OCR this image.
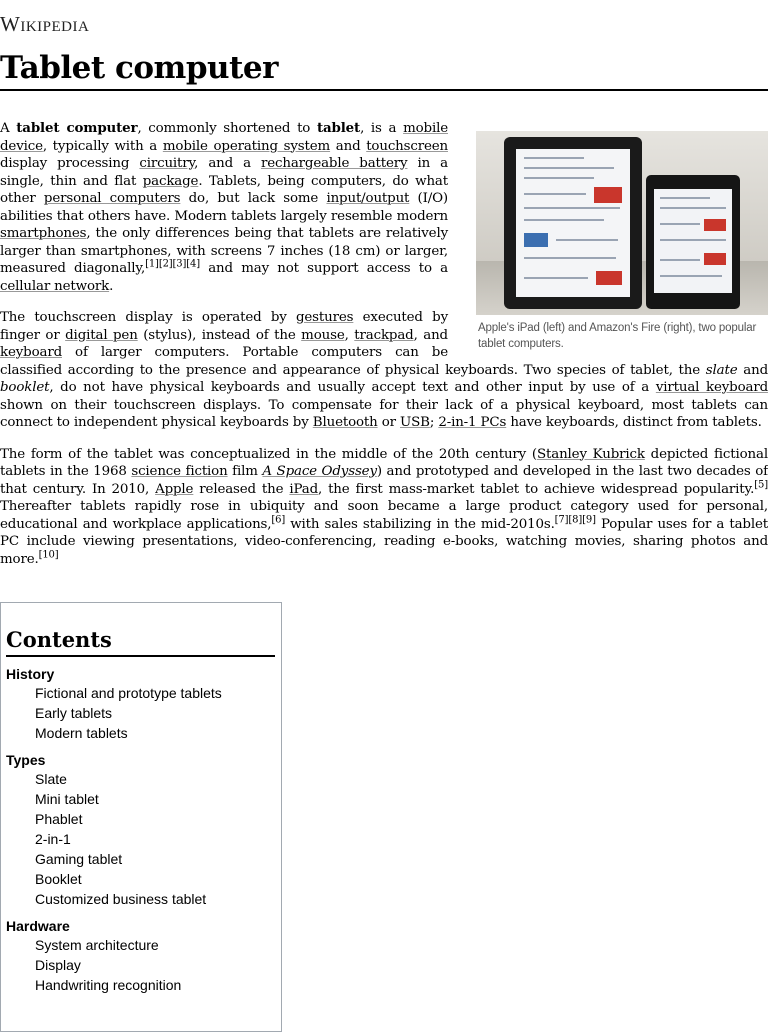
Wikipedia
Tablet computer
Apple's iPad (left) and Amazon's Fire (right), two popular tablet computers.

A tablet computer, commonly shortened to tablet, is a mobile device, typically with a mobile operating system and touchscreen display processing circuitry, and a rechargeable battery in a single, thin and flat package. Tablets, being computers, do what other personal computers do, but lack some input/output (I/O) abilities that others have. Modern tablets largely resemble modern smartphones, the only differences being that tablets are relatively larger than smartphones, with screens 7 inches (18 cm) or larger, measured diagonally,[1][2][3][4] and may not support access to a cellular network.

The touchscreen display is operated by gestures executed by finger or digital pen (stylus), instead of the mouse, trackpad, and keyboard of larger computers. Portable computers can be classified according to the presence and appearance of physical keyboards. Two species of tablet, the slate and booklet, do not have physical keyboards and usually accept text and other input by use of a virtual keyboard shown on their touchscreen displays. To compensate for their lack of a physical keyboard, most tablets can connect to independent physical keyboards by Bluetooth or USB; 2-in-1 PCs have keyboards, distinct from tablets.

The form of the tablet was conceptualized in the middle of the 20th century (Stanley Kubrick depicted fictional tablets in the 1968 science fiction film A Space Odyssey) and prototyped and developed in the last two decades of that century. In 2010, Apple released the iPad, the first mass-market tablet to achieve widespread popularity.[5] Thereafter tablets rapidly rose in ubiquity and soon became a large product category used for personal, educational and workplace applications,[6] with sales stabilizing in the mid-2010s.[7][8][9] Popular uses for a tablet PC include viewing presentations, video-conferencing, reading e-books, watching movies, sharing photos and more.[10]

Contents
History
Fictional and prototype tablets
Early tablets
Modern tablets
Types
Slate
Mini tablet
Phablet
2-in-1
Gaming tablet
Booklet
Customized business tablet
Hardware
System architecture
Display
Handwriting recognition
